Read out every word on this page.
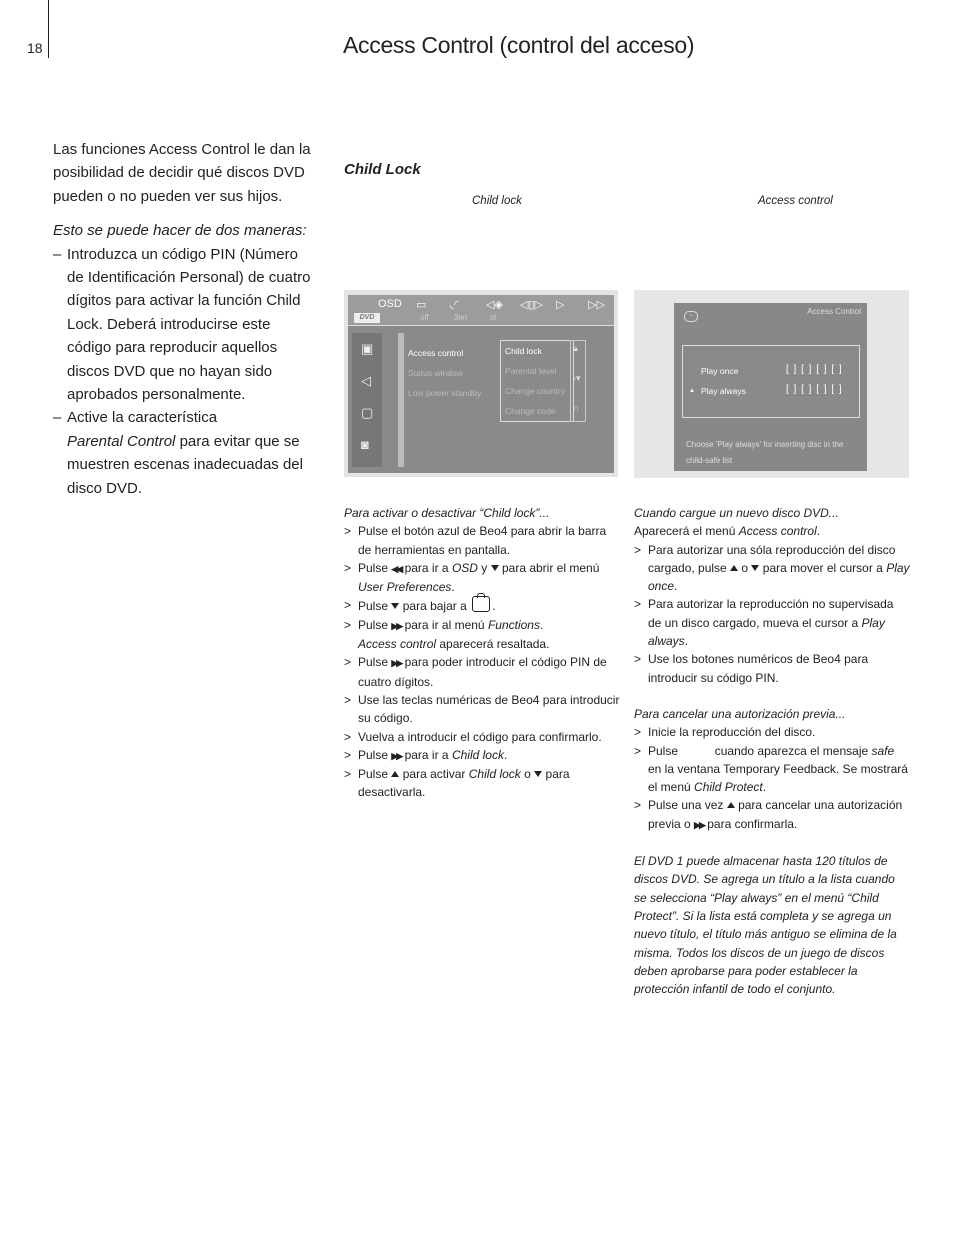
18	Access Control (control del acceso)

Las funciones Access Control le dan la posibilidad de decidir qué discos DVD pueden o no pueden ver sus hijos.

Esto se puede hacer de dos maneras:

– Introduzca un código PIN (Número de Identificación Personal) de cuatro dígitos para activar la función Child Lock. Deberá introducirse este código para reproducir aquellos discos DVD que no hayan sido aprobados personalmente.
– Active la característica
Parental Control para evitar que se muestren escenas inadecuadas del disco DVD.
Child Lock
Child lock	Access control
OSD ▭ ◟◜ ◁◈ ◁▯▷ ▷ ▷▷
DVD	off	3en	st
▣
◁
▢
◙
Access control
Status window
Low power standby
Child lock
Parental level
Change country
Change code
🔒︎
‹▾
∩
◦◦	Access Control
Play once	[ ] [ ] [ ] [ ]
▲ Play always	[ ] [ ] [ ] [ ]
Choose 'Play always' for inserting disc in the child-safe list
Para activar o desactivar “Child lock”...
> Pulse el botón azul de Beo4 para abrir la barra de herramientas en pantalla.
> Pulse ◀◀ para ir a OSD y para abrir el menú User Preferences.
> Pulse para bajar a .
> Pulse ▶▶ para ir al menú Functions.
Access control aparecerá resaltada.
> Pulse ▶▶ para poder introducir el código PIN de cuatro dígitos.
> Use las teclas numéricas de Beo4 para introducir su código.
> Vuelva a introducir el código para confirmarlo.
> Pulse ▶▶ para ir a Child lock.
> Pulse para activar Child lock o para desactivarla.
Cuando cargue un nuevo disco DVD...
Aparecerá el menú Access control.
> Para autorizar una sóla reproducción del disco cargado, pulse o para mover el cursor a Play once.
> Para autorizar la reproducción no supervisada de un disco cargado, mueva el cursor a Play always.
> Use los botones numéricos de Beo4 para introducir su código PIN.
Para cancelar una autorización previa...
> Inicie la reproducción del disco.
> Pulse	cuando aparezca el mensaje safe en la ventana Temporary Feedback. Se mostrará el menú Child Protect.
> Pulse una vez para cancelar una autorización previa o ▶▶ para confirmarla.
El DVD 1 puede almacenar hasta 120 títulos de discos DVD. Se agrega un título a la lista cuando se selecciona “Play always” en el menú “Child Protect”. Si la lista está completa y se agrega un nuevo título, el título más antiguo se elimina de la misma. Todos los discos de un juego de discos deben aprobarse para poder establecer la protección infantil de todo el conjunto.
